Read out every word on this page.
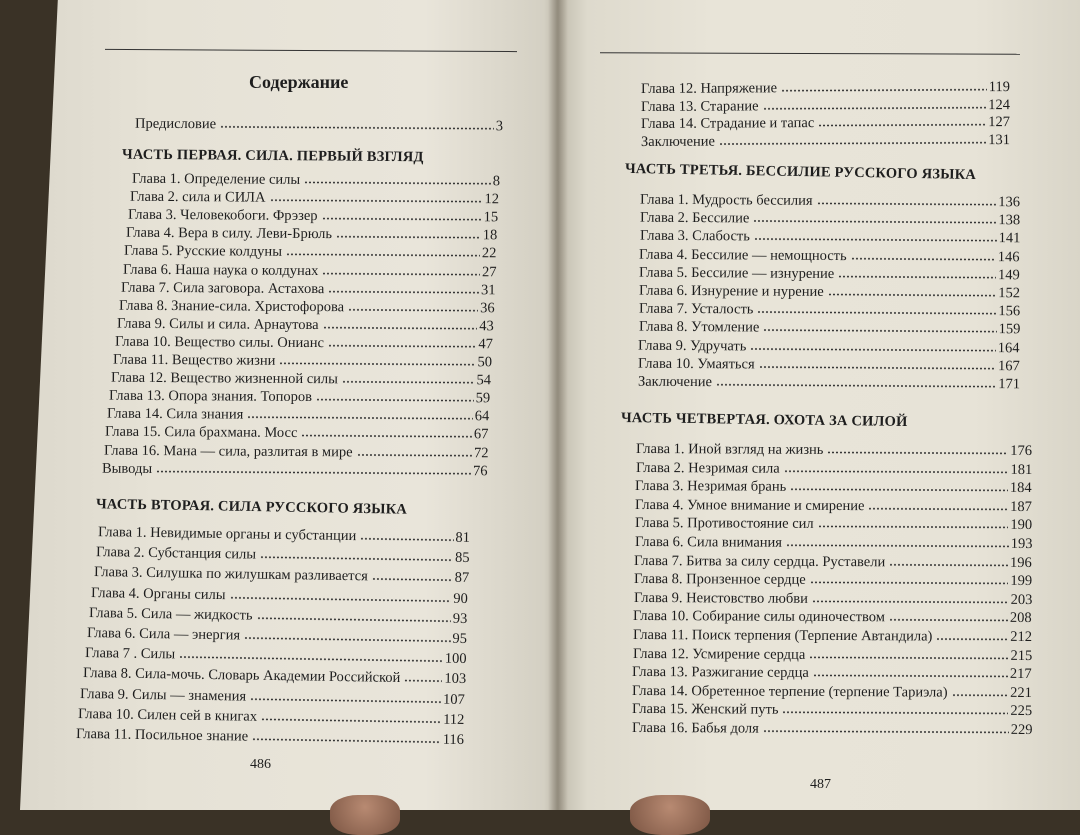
Содержание
Предисловие	3
ЧАСТЬ ПЕРВАЯ. СИЛА. ПЕРВЫЙ ВЗГЛЯД
Глава 1. Определение силы	8
Глава 2. сила и СИЛА	12
Глава 3. Человекобоги. Фрэзер	15
Глава 4. Вера в силу. Леви-Брюль	18
Глава 5. Русские колдуны	22
Глава 6. Наша наука о колдунах	27
Глава 7. Сила заговора. Астахова	31
Глава 8. Знание-сила. Христофорова	36
Глава 9. Силы и сила. Арнаутова	43
Глава 10. Вещество силы. Онианс	47
Глава 11. Вещество жизни	50
Глава 12. Вещество жизненной силы	54
Глава 13. Опора знания. Топоров	59
Глава 14. Сила знания	64
Глава 15. Сила брахмана. Мосс	67
Глава 16. Мана — сила, разлитая в мире	72
Выводы	76
ЧАСТЬ ВТОРАЯ. СИЛА РУССКОГО ЯЗЫКА
Глава 1. Невидимые органы и субстанции	81
Глава 2. Субстанция силы	85
Глава 3. Силушка по жилушкам разливается	87
Глава 4. Органы силы	90
Глава 5. Сила — жидкость	93
Глава 6. Сила — энергия	95
Глава 7 . Силы	100
Глава 8. Сила-мочь. Словарь Академии Российской	103
Глава 9. Силы — знамения	107
Глава 10. Силен сей в книгах	112
Глава 11. Посильное знание	116
Глава 12. Напряжение	119
Глава 13. Старание	124
Глава 14. Страдание и тапас	127
Заключение	131
ЧАСТЬ ТРЕТЬЯ. БЕССИЛИЕ РУССКОГО ЯЗЫКА
Глава 1. Мудрость бессилия	136
Глава 2. Бессилие	138
Глава 3. Слабость	141
Глава 4. Бессилие — немощность	146
Глава 5. Бессилие — изнурение	149
Глава 6. Изнурение и нурение	152
Глава 7. Усталость	156
Глава 8. Утомление	159
Глава 9. Удручать	164
Глава 10. Умаяться	167
Заключение	171
ЧАСТЬ ЧЕТВЕРТАЯ. ОХОТА ЗА СИЛОЙ
Глава 1. Иной взгляд на жизнь	176
Глава 2. Незримая сила	181
Глава 3. Незримая брань	184
Глава 4. Умное внимание и смирение	187
Глава 5. Противостояние сил	190
Глава 6. Сила внимания	193
Глава 7. Битва за силу сердца. Руставели	196
Глава 8. Пронзенное сердце	199
Глава 9. Неистовство любви	203
Глава 10. Собирание силы одиночеством	208
Глава 11. Поиск терпения (Терпение Автандила)	212
Глава 12. Усмирение сердца	215
Глава 13. Разжигание сердца	217
Глава 14. Обретенное терпение (терпение Тариэла)	221
Глава 15. Женский путь	225
Глава 16. Бабья доля	229
486
487
